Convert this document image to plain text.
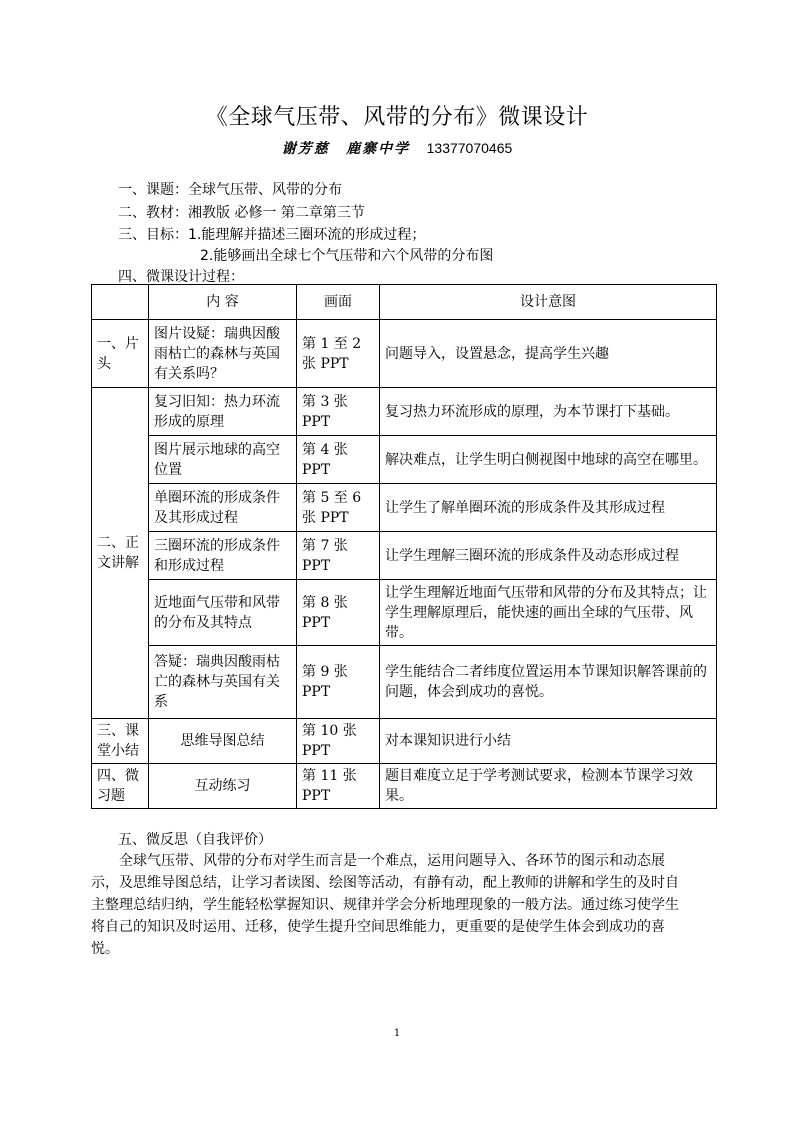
《全球气压带、风带的分布》微课设计
谢芳慈 鹿寨中学 13377070465
一、课题：全球气压带、风带的分布
二、教材：湘教版 必修一 第二章第三节
三、目标：1.能理解并描述三圈环流的形成过程；
2.能够画出全球七个气压带和六个风带的分布图
四、微课设计过程：
	内 容	画面	设计意图
一、片头	图片设疑：瑞典因酸雨枯亡的森林与英国有关系吗？	第 1 至 2 张 PPT	问题导入，设置悬念，提高学生兴趣
二、正文讲解	复习旧知：热力环流形成的原理	第 3 张 PPT	复习热力环流形成的原理，为本节课打下基础。
	图片展示地球的高空位置	第 4 张 PPT	解决难点，让学生明白侧视图中地球的高空在哪里。
	单圈环流的形成条件及其形成过程	第 5 至 6 张 PPT	让学生了解单圈环流的形成条件及其形成过程
	三圈环流的形成条件和形成过程	第 7 张 PPT	让学生理解三圈环流的形成条件及动态形成过程
	近地面气压带和风带的分布及其特点	第 8 张 PPT	让学生理解近地面气压带和风带的分布及其特点；让学生理解原理后，能快速的画出全球的气压带、风带。
	答疑：瑞典因酸雨枯亡的森林与英国有关系	第 9 张 PPT	学生能结合二者纬度位置运用本节课知识解答课前的问题，体会到成功的喜悦。
三、课堂小结	思维导图总结	第 10 张 PPT	对本课知识进行小结
四、微习题	互动练习	第 11 张 PPT	题目难度立足于学考测试要求，检测本节课学习效果。
五、微反思（自我评价）

全球气压带、风带的分布对学生而言是一个难点，运用问题导入、各环节的图示和动态展示，及思维导图总结，让学习者读图、绘图等活动，有静有动，配上教师的讲解和学生的及时自主整理总结归纳，学生能轻松掌握知识、规律并学会分析地理现象的一般方法。通过练习使学生将自己的知识及时运用、迁移，使学生提升空间思维能力，更重要的是使学生体会到成功的喜悦。

1
